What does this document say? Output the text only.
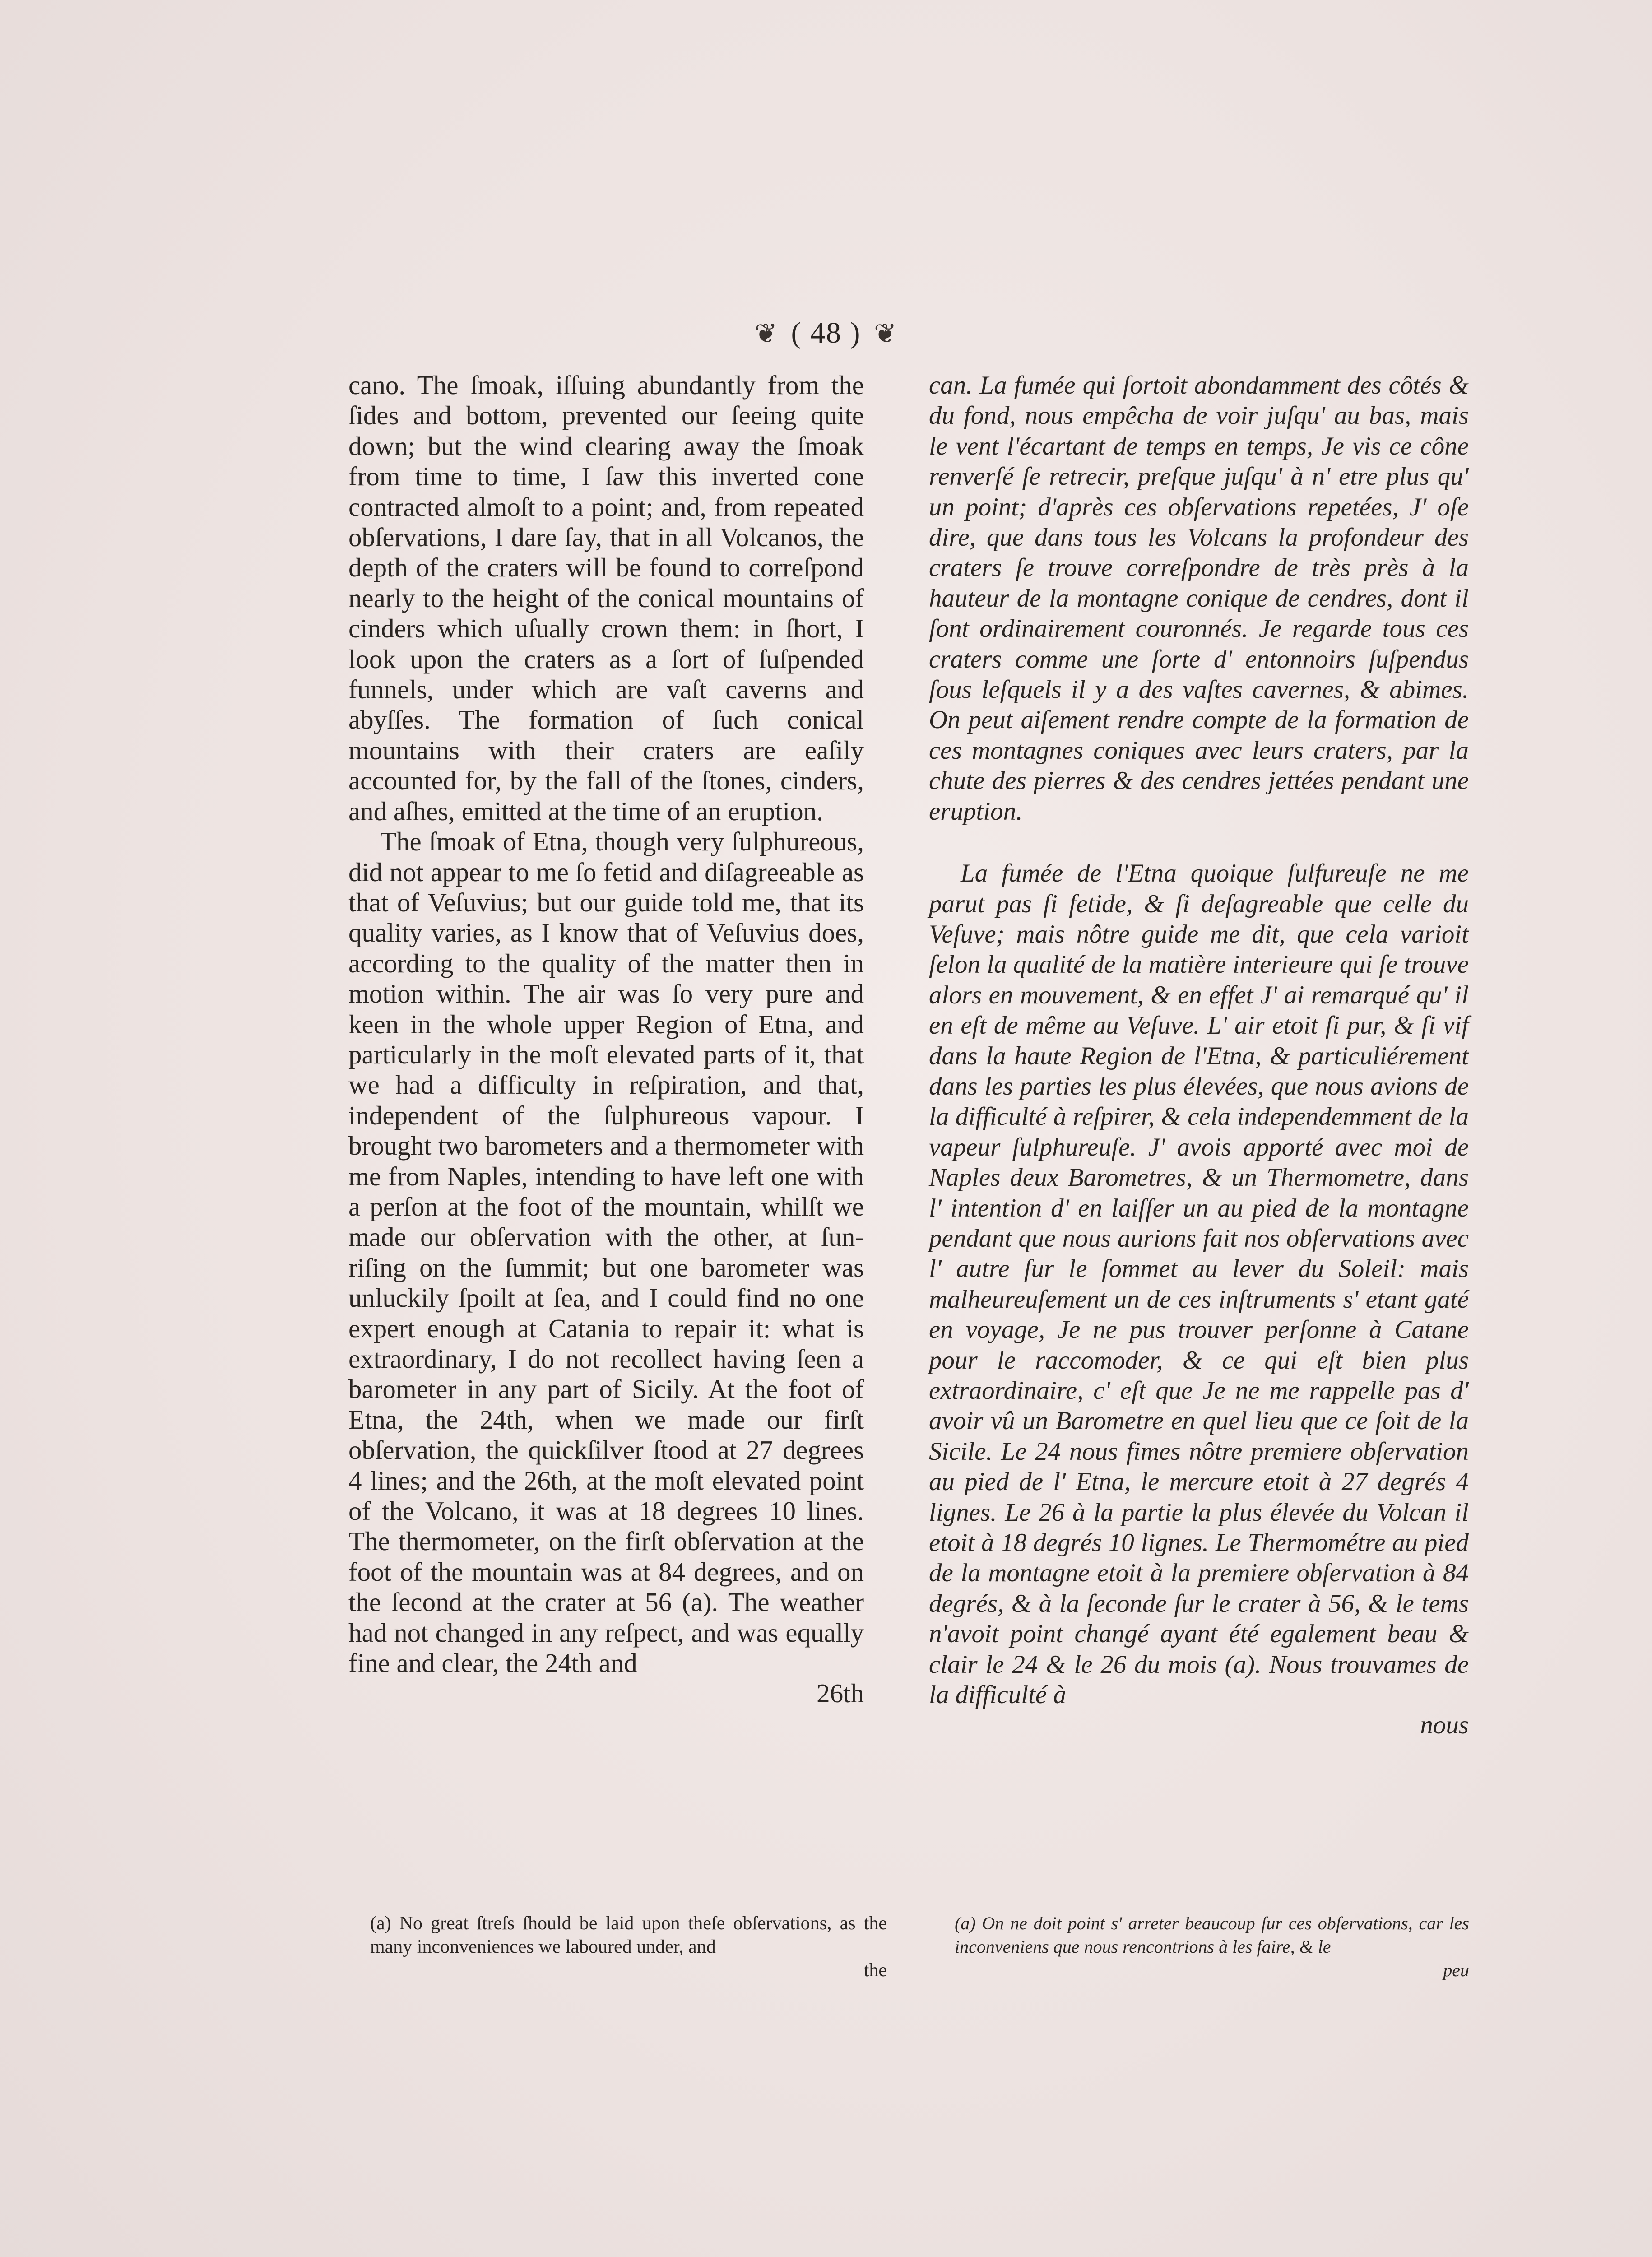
❦ ( 48 ) ❦

cano. The ſmoak, iſſuing abundantly from the ſides and bottom, prevented our ſeeing quite down; but the wind clearing away the ſmoak from time to time, I ſaw this inverted cone contracted almoſt to a point; and, from repeated obſervations, I dare ſay, that in all Volcanos, the depth of the craters will be found to correſpond nearly to the height of the conical mountains of cinders which uſually crown them: in ſhort, I look upon the craters as a ſort of ſuſpended funnels, under which are vaſt caverns and abyſſes. The formation of ſuch conical mountains with their craters are eaſily accounted for, by the fall of the ſtones, cinders, and aſhes, emitted at the time of an eruption.

The ſmoak of Etna, though very ſulphureous, did not appear to me ſo fetid and diſagreeable as that of Veſuvius; but our guide told me, that its quality varies, as I know that of Veſuvius does, according to the quality of the matter then in motion within. The air was ſo very pure and keen in the whole upper Region of Etna, and particularly in the moſt elevated parts of it, that we had a difficulty in reſpiration, and that, independent of the ſulphureous vapour. I brought two barometers and a thermometer with me from Naples, intending to have left one with a perſon at the foot of the mountain, whilſt we made our obſervation with the other, at ſun-riſing on the ſummit; but one barometer was unluckily ſpoilt at ſea, and I could find no one expert enough at Catania to repair it: what is extraordinary, I do not recollect having ſeen a barometer in any part of Sicily. At the foot of Etna, the 24th, when we made our firſt obſervation, the quickſilver ſtood at 27 degrees 4 lines; and the 26th, at the moſt elevated point of the Volcano, it was at 18 degrees 10 lines. The thermometer, on the firſt obſervation at the foot of the mountain was at 84 degrees, and on the ſecond at the crater at 56 (a). The weather had not changed in any reſpect, and was equally fine and clear, the 24th and

26th

can. La fumée qui ſortoit abondamment des côtés & du fond, nous empêcha de voir juſqu' au bas, mais le vent l'écartant de temps en temps, Je vis ce cône renverſé ſe retrecir, preſque juſqu' à n' etre plus qu' un point; d'après ces obſervations repetées, J' oſe dire, que dans tous les Volcans la profondeur des craters ſe trouve correſpondre de très près à la hauteur de la montagne conique de cendres, dont il ſont ordinairement couronnés. Je regarde tous ces craters comme une ſorte d' entonnoirs ſuſpendus ſous leſquels il y a des vaſtes cavernes, & abimes. On peut aiſement rendre compte de la formation de ces montagnes coniques avec leurs craters, par la chute des pierres & des cendres jettées pendant une eruption.

La fumée de l'Etna quoique ſulfureuſe ne me parut pas ſi fetide, & ſi deſagreable que celle du Veſuve; mais nôtre guide me dit, que cela varioit ſelon la qualité de la matière interieure qui ſe trouve alors en mouvement, & en effet J' ai remarqué qu' il en eſt de même au Veſuve. L' air etoit ſi pur, & ſi vif dans la haute Region de l'Etna, & particuliérement dans les parties les plus élevées, que nous avions de la difficulté à reſpirer, & cela independemment de la vapeur ſulphureuſe. J' avois apporté avec moi de Naples deux Barometres, & un Thermometre, dans l' intention d' en laiſſer un au pied de la montagne pendant que nous aurions fait nos obſervations avec l' autre ſur le ſommet au lever du Soleil: mais malheureuſement un de ces inſtruments s' etant gaté en voyage, Je ne pus trouver perſonne à Catane pour le raccomoder, & ce qui eſt bien plus extraordinaire, c' eſt que Je ne me rappelle pas d' avoir vû un Barometre en quel lieu que ce ſoit de la Sicile. Le 24 nous fimes nôtre premiere obſervation au pied de l' Etna, le mercure etoit à 27 degrés 4 lignes. Le 26 à la partie la plus élevée du Volcan il etoit à 18 degrés 10 lignes. Le Thermométre au pied de la montagne etoit à la premiere obſervation à 84 degrés, & à la ſeconde ſur le crater à 56, & le tems n'avoit point changé ayant été egalement beau & clair le 24 & le 26 du mois (a). Nous trouvames de la difficulté à

nous

(a) No great ſtreſs ſhould be laid upon theſe obſervations, as the many inconveniences we laboured under, and
the
(a) On ne doit point s' arreter beaucoup ſur ces obſervations, car les inconveniens que nous rencontrions à les faire, & le
peu
